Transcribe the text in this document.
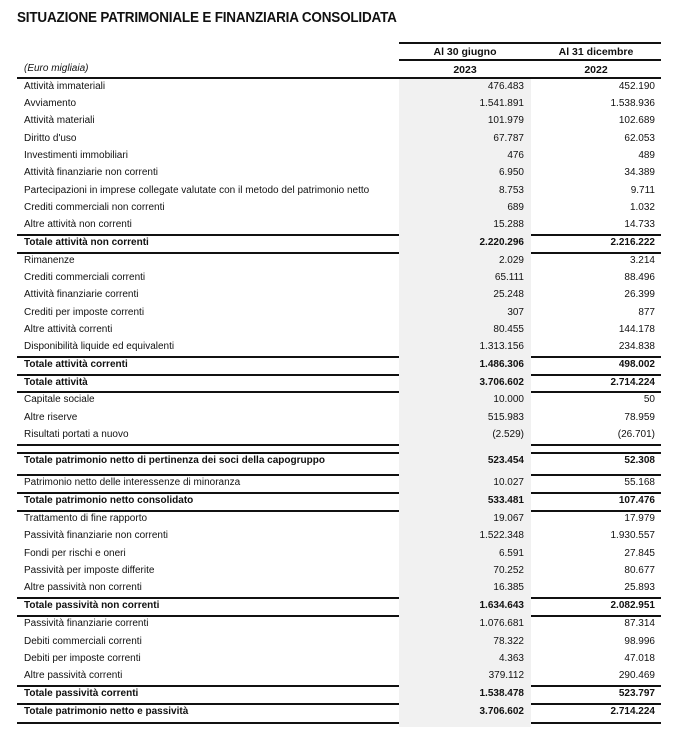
SITUAZIONE PATRIMONIALE E FINANZIARIA CONSOLIDATA
Al 30 giugno
2023
Al 31 dicembre
2022
(Euro migliaia)
Attività immateriali	476.483	452.190
Avviamento	1.541.891	1.538.936
Attività materiali	101.979	102.689
Diritto d'uso	67.787	62.053
Investimenti immobiliari	476	489
Attività finanziarie non correnti	6.950	34.389
Partecipazioni in imprese collegate valutate con il metodo del patrimonio netto	8.753	9.711
Crediti commerciali non correnti	689	1.032
Altre attività non correnti	15.288	14.733
Totale attività non correnti	2.220.296	2.216.222
Rimanenze	2.029	3.214
Crediti commerciali correnti	65.111	88.496
Attività finanziarie correnti	25.248	26.399
Crediti per imposte correnti	307	877
Altre attività correnti	80.455	144.178
Disponibilità liquide ed equivalenti	1.313.156	234.838
Totale attività correnti	1.486.306	498.002
Totale attività	3.706.602	2.714.224
Capitale sociale	10.000	50
Altre riserve	515.983	78.959
Risultati portati a nuovo	(2.529)	(26.701)
Totale patrimonio netto di pertinenza dei soci della capogruppo	523.454	52.308
Patrimonio netto delle interessenze di minoranza	10.027	55.168
Totale patrimonio netto consolidato	533.481	107.476
Trattamento di fine rapporto	19.067	17.979
Passività finanziarie non correnti	1.522.348	1.930.557
Fondi per rischi e oneri	6.591	27.845
Passività per imposte differite	70.252	80.677
Altre passività non correnti	16.385	25.893
Totale passività non correnti	1.634.643	2.082.951
Passività finanziarie correnti	1.076.681	87.314
Debiti commerciali correnti	78.322	98.996
Debiti per imposte correnti	4.363	47.018
Altre passività correnti	379.112	290.469
Totale passività correnti	1.538.478	523.797
Totale patrimonio netto e passività	3.706.602	2.714.224
